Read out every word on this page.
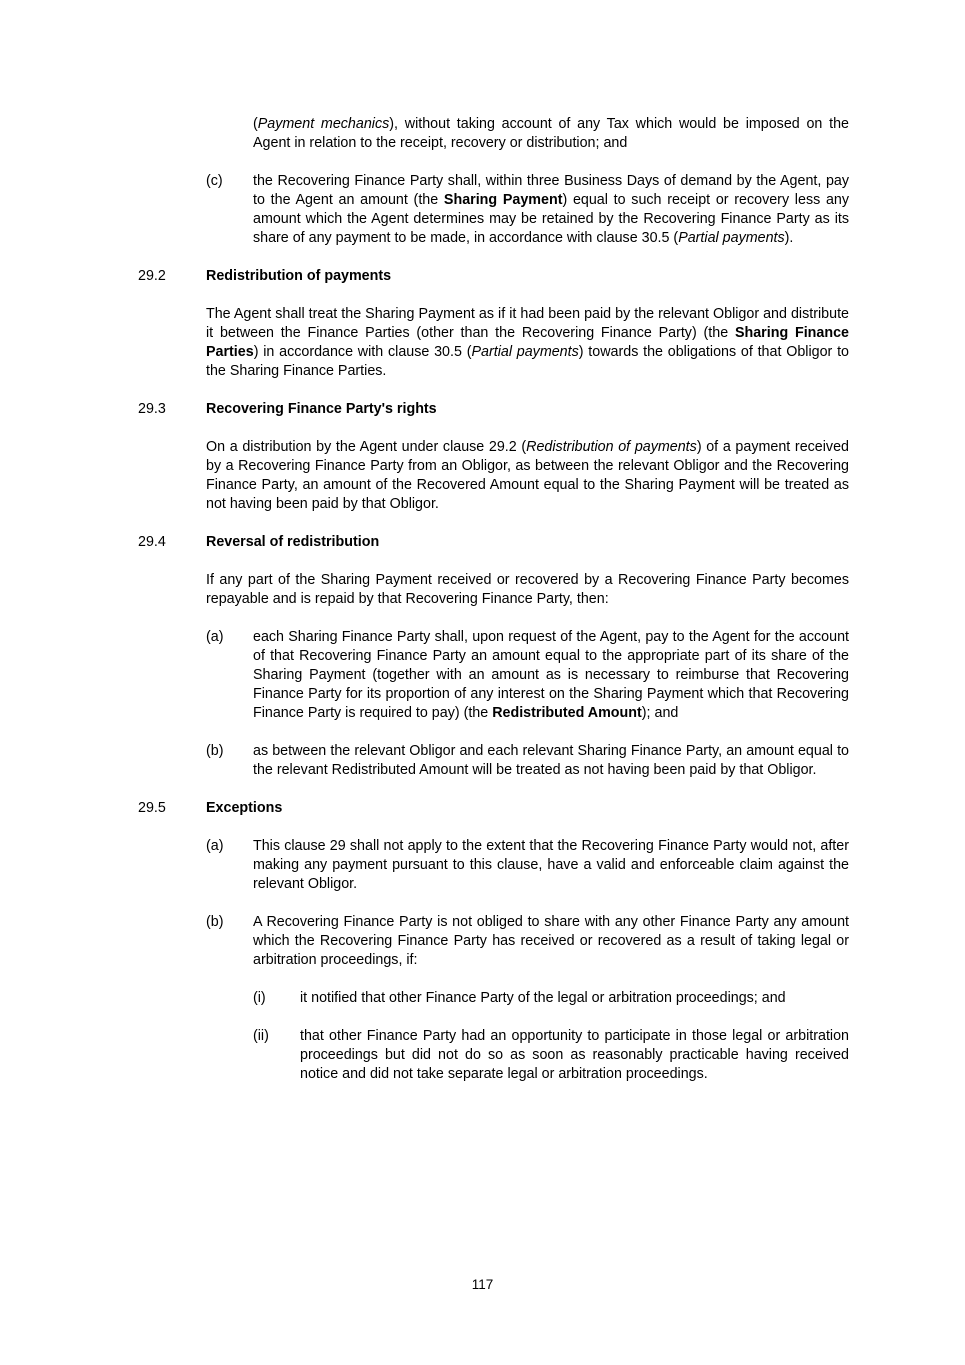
(Payment mechanics), without taking account of any Tax which would be imposed on the Agent in relation to the receipt, recovery or distribution; and

(c)	the Recovering Finance Party shall, within three Business Days of demand by the Agent, pay to the Agent an amount (the Sharing Payment) equal to such receipt or recovery less any amount which the Agent determines may be retained by the Recovering Finance Party as its share of any payment to be made, in accordance with clause 30.5 (Partial payments).

29.2	Redistribution of payments

The Agent shall treat the Sharing Payment as if it had been paid by the relevant Obligor and distribute it between the Finance Parties (other than the Recovering Finance Party) (the Sharing Finance Parties) in accordance with clause 30.5 (Partial payments) towards the obligations of that Obligor to the Sharing Finance Parties.

29.3	Recovering Finance Party's rights

On a distribution by the Agent under clause 29.2 (Redistribution of payments) of a payment received by a Recovering Finance Party from an Obligor, as between the relevant Obligor and the Recovering Finance Party, an amount of the Recovered Amount equal to the Sharing Payment will be treated as not having been paid by that Obligor.

29.4	Reversal of redistribution

If any part of the Sharing Payment received or recovered by a Recovering Finance Party becomes repayable and is repaid by that Recovering Finance Party, then:

(a)	each Sharing Finance Party shall, upon request of the Agent, pay to the Agent for the account of that Recovering Finance Party an amount equal to the appropriate part of its share of the Sharing Payment (together with an amount as is necessary to reimburse that Recovering Finance Party for its proportion of any interest on the Sharing Payment which that Recovering Finance Party is required to pay) (the Redistributed Amount); and

(b)	as between the relevant Obligor and each relevant Sharing Finance Party, an amount equal to the relevant Redistributed Amount will be treated as not having been paid by that Obligor.

29.5	Exceptions
(a)	This clause 29 shall not apply to the extent that the Recovering Finance Party would not, after making any payment pursuant to this clause, have a valid and enforceable claim against the relevant Obligor.

(b)	A Recovering Finance Party is not obliged to share with any other Finance Party any amount which the Recovering Finance Party has received or recovered as a result of taking legal or arbitration proceedings, if:

(i)	it notified that other Finance Party of the legal or arbitration proceedings; and

(ii)	that other Finance Party had an opportunity to participate in those legal or arbitration proceedings but did not do so as soon as reasonably practicable having received notice and did not take separate legal or arbitration proceedings.

117
